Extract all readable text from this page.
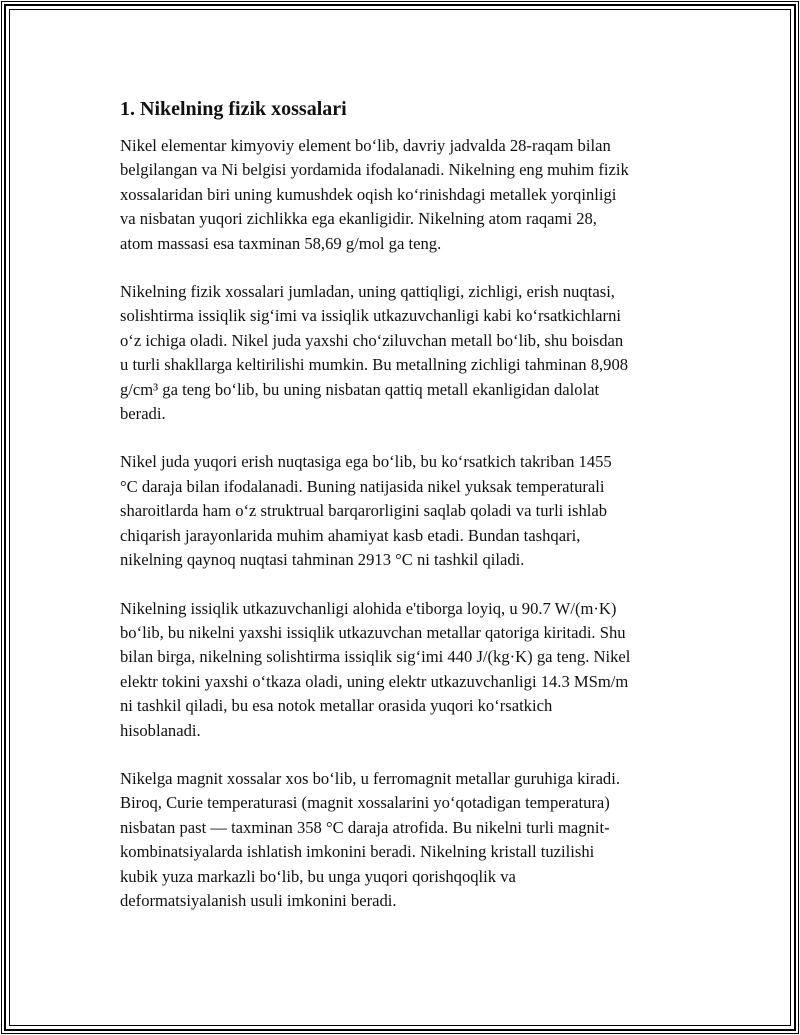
1. Nikelning fizik xossalari

Nikel elementar kimyoviy element bo‘lib, davriy jadvalda 28-raqam bilan
belgilangan va Ni belgisi yordamida ifodalanadi. Nikelning eng muhim fizik
xossalaridan biri uning kumushdek oqish ko‘rinishdagi metallek yorqinligi
va nisbatan yuqori zichlikka ega ekanligidir. Nikelning atom raqami 28,
atom massasi esa taxminan 58,69 g/mol ga teng.

Nikelning fizik xossalari jumladan, uning qattiqligi, zichligi, erish nuqtasi,
solishtirma issiqlik sig‘imi va issiqlik utkazuvchanligi kabi ko‘rsatkichlarni
o‘z ichiga oladi. Nikel juda yaxshi cho‘ziluvchan metall bo‘lib, shu boisdan
u turli shakllarga keltirilishi mumkin. Bu metallning zichligi tahminan 8,908
g/cm³ ga teng bo‘lib, bu uning nisbatan qattiq metall ekanligidan dalolat
beradi.

Nikel juda yuqori erish nuqtasiga ega bo‘lib, bu ko‘rsatkich takriban 1455
°C daraja bilan ifodalanadi. Buning natijasida nikel yuksak temperaturali
sharoitlarda ham o‘z struktrual barqarorligini saqlab qoladi va turli ishlab
chiqarish jarayonlarida muhim ahamiyat kasb etadi. Bundan tashqari,
nikelning qaynoq nuqtasi tahminan 2913 °C ni tashkil qiladi.

Nikelning issiqlik utkazuvchanligi alohida e'tiborga loyiq, u 90.7 W/(m·K)
bo‘lib, bu nikelni yaxshi issiqlik utkazuvchan metallar qatoriga kiritadi. Shu
bilan birga, nikelning solishtirma issiqlik sig‘imi 440 J/(kg·K) ga teng. Nikel
elektr tokini yaxshi o‘tkaza oladi, uning elektr utkazuvchanligi 14.3 MSm/m
ni tashkil qiladi, bu esa notok metallar orasida yuqori ko‘rsatkich
hisoblanadi.

Nikelga magnit xossalar xos bo‘lib, u ferromagnit metallar guruhiga kiradi.
Biroq, Curie temperaturasi (magnit xossalarini yo‘qotadigan temperatura)
nisbatan past — taxminan 358 °C daraja atrofida. Bu nikelni turli magnit-
kombinatsiyalarda ishlatish imkonini beradi. Nikelning kristall tuzilishi
kubik yuza markazli bo‘lib, bu unga yuqori qorishqoqlik va
deformatsiyalanish usuli imkonini beradi.
